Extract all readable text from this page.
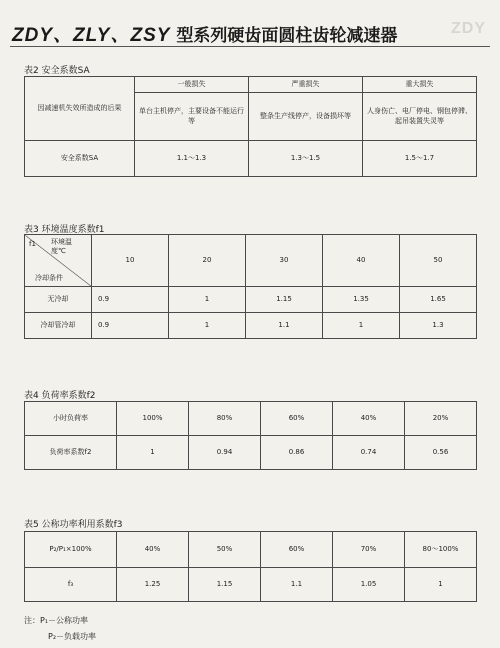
ZDY、ZLY、ZSY 型系列硬齿面圆柱齿轮减速器	ZDY
表2 安全系数SA
因减速机失效所造成的后果	一般损失	严重损失	重大损失
	单台主机停产，主要设备不能运行等	整条生产线停产，设备损坏等	人身伤亡、电厂停电、钢包停滞、起吊装置失灵等
安全系数SA	1.1～1.3	1.3～1.5	1.5～1.7
表3 环境温度系数f1
f1 环境温度℃
冷却条件	10	20	30	40	50
无冷却	0.9	1	1.15	1.35	1.65
冷却管冷却	0.9	1	1.1	1	1.3
表4 负荷率系数f2
小时负荷率	100%	80%	60%	40%	20%
负荷率系数f2	1	0.94	0.86	0.74	0.56
表5 公称功率利用系数f3
P₂/P₁×100%	40%	50%	60%	70%	80～100%
f₃	1.25	1.15	1.1	1.05	1
注：P₁－公称功率
P₂－负载功率
